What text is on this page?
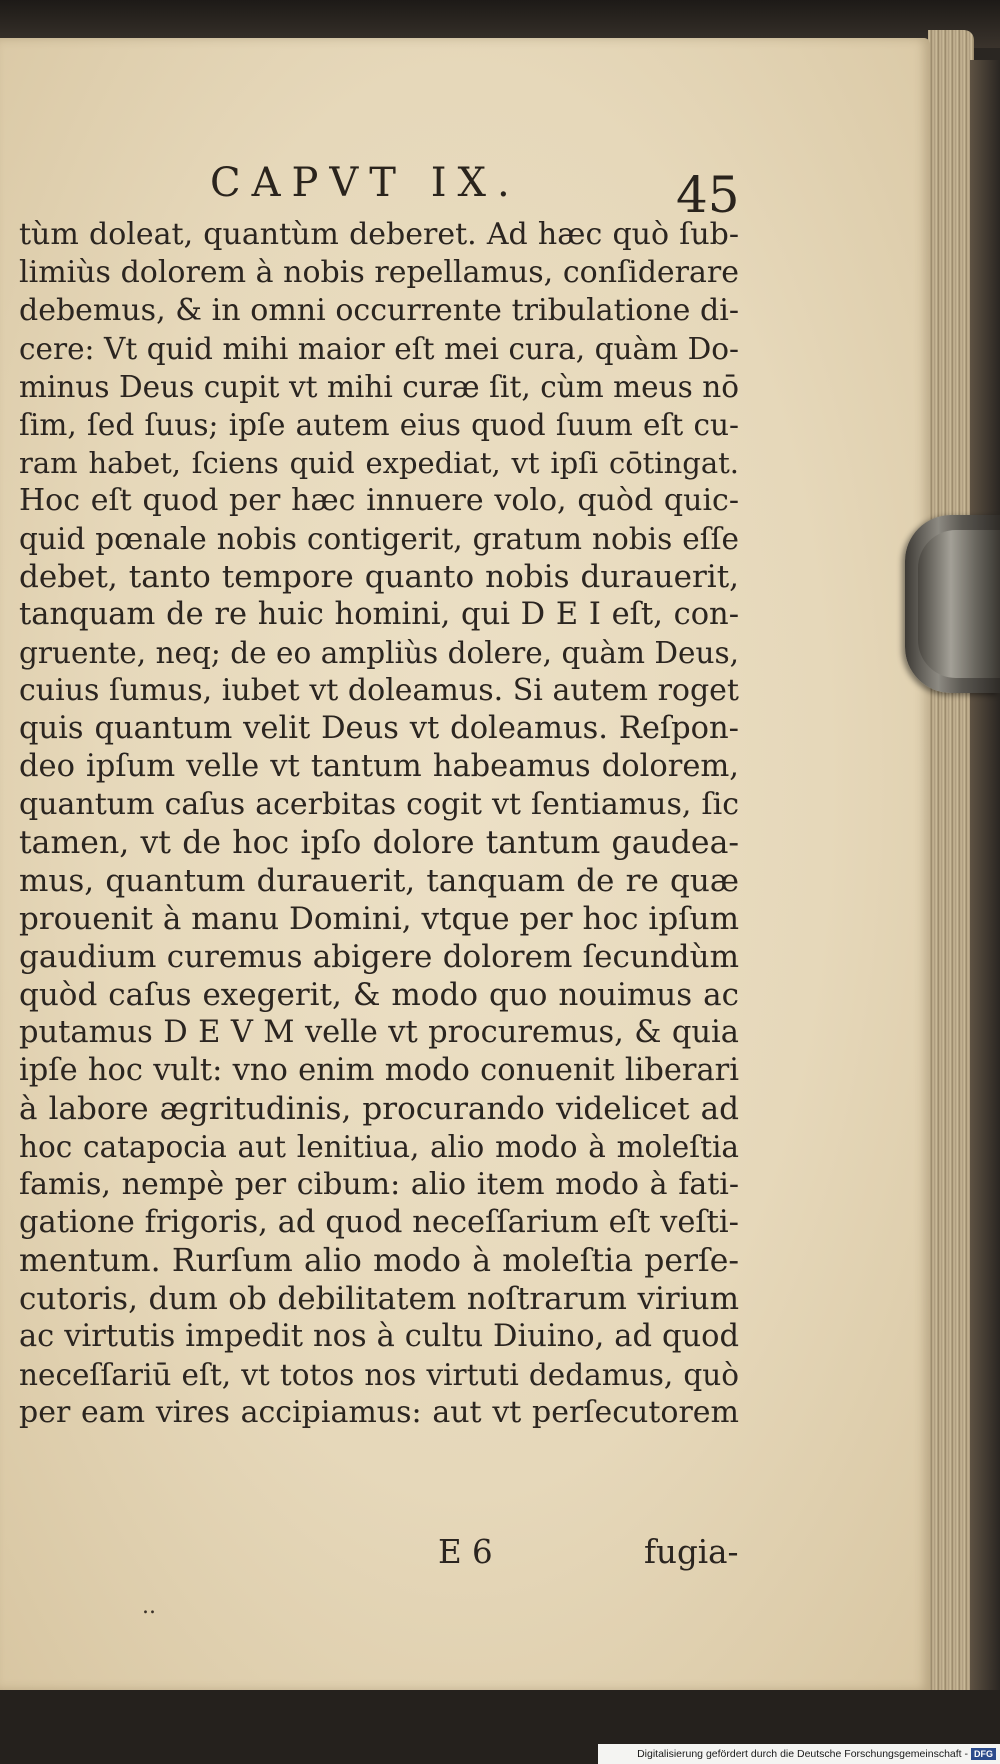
CAPVT IX.	45
tùm doleat, quantùm deberet. Ad hæc quò ſub-
limiùs dolorem à nobis repellamus, conſiderare
debemus, & in omni occurrente tribulatione di-
cere: Vt quid mihi maior eſt mei cura, quàm Do-
minus Deus cupit vt mihi curæ ſit, cùm meus nō
ſim, ſed ſuus; ipſe autem eius quod ſuum eſt cu-
ram habet, ſciens quid expediat, vt ipſi cōtingat.
Hoc eſt quod per hæc innuere volo, quòd quic-
quid pœnale nobis contigerit, gratum nobis eſſe
debet, tanto tempore quanto nobis durauerit,
tanquam de re huic homini, qui D E I eſt, con-
gruente, neq; de eo ampliùs dolere, quàm Deus,
cuius ſumus, iubet vt doleamus. Si autem roget
quis quantum velit Deus vt doleamus. Reſpon-
deo ipſum velle vt tantum habeamus dolorem,
quantum caſus acerbitas cogit vt ſentiamus, ſic
tamen, vt de hoc ipſo dolore tantum gaudea-
mus, quantum durauerit, tanquam de re quæ
prouenit à manu Domini, vtque per hoc ipſum
gaudium curemus abigere dolorem ſecundùm
quòd caſus exegerit, & modo quo nouimus ac
putamus D E V M velle vt procuremus, & quia
ipſe hoc vult: vno enim modo conuenit liberari
à labore ægritudinis, procurando videlicet ad
hoc catapocia aut lenitiua, alio modo à moleſtia
famis, nempè per cibum: alio item modo à fati-
gatione frigoris, ad quod neceſſarium eſt veſti-
mentum. Rurſum alio modo à moleſtia perſe-
cutoris, dum ob debilitatem noſtrarum virium
ac virtutis impedit nos à cultu Diuino, ad quod
neceſſariū eſt, vt totos nos virtuti dedamus, quò
per eam vires accipiamus: aut vt perſecutorem
E 6	fugia-
..
Digitalisierung gefördert durch die Deutsche Forschungsgemeinschaft - DFG
